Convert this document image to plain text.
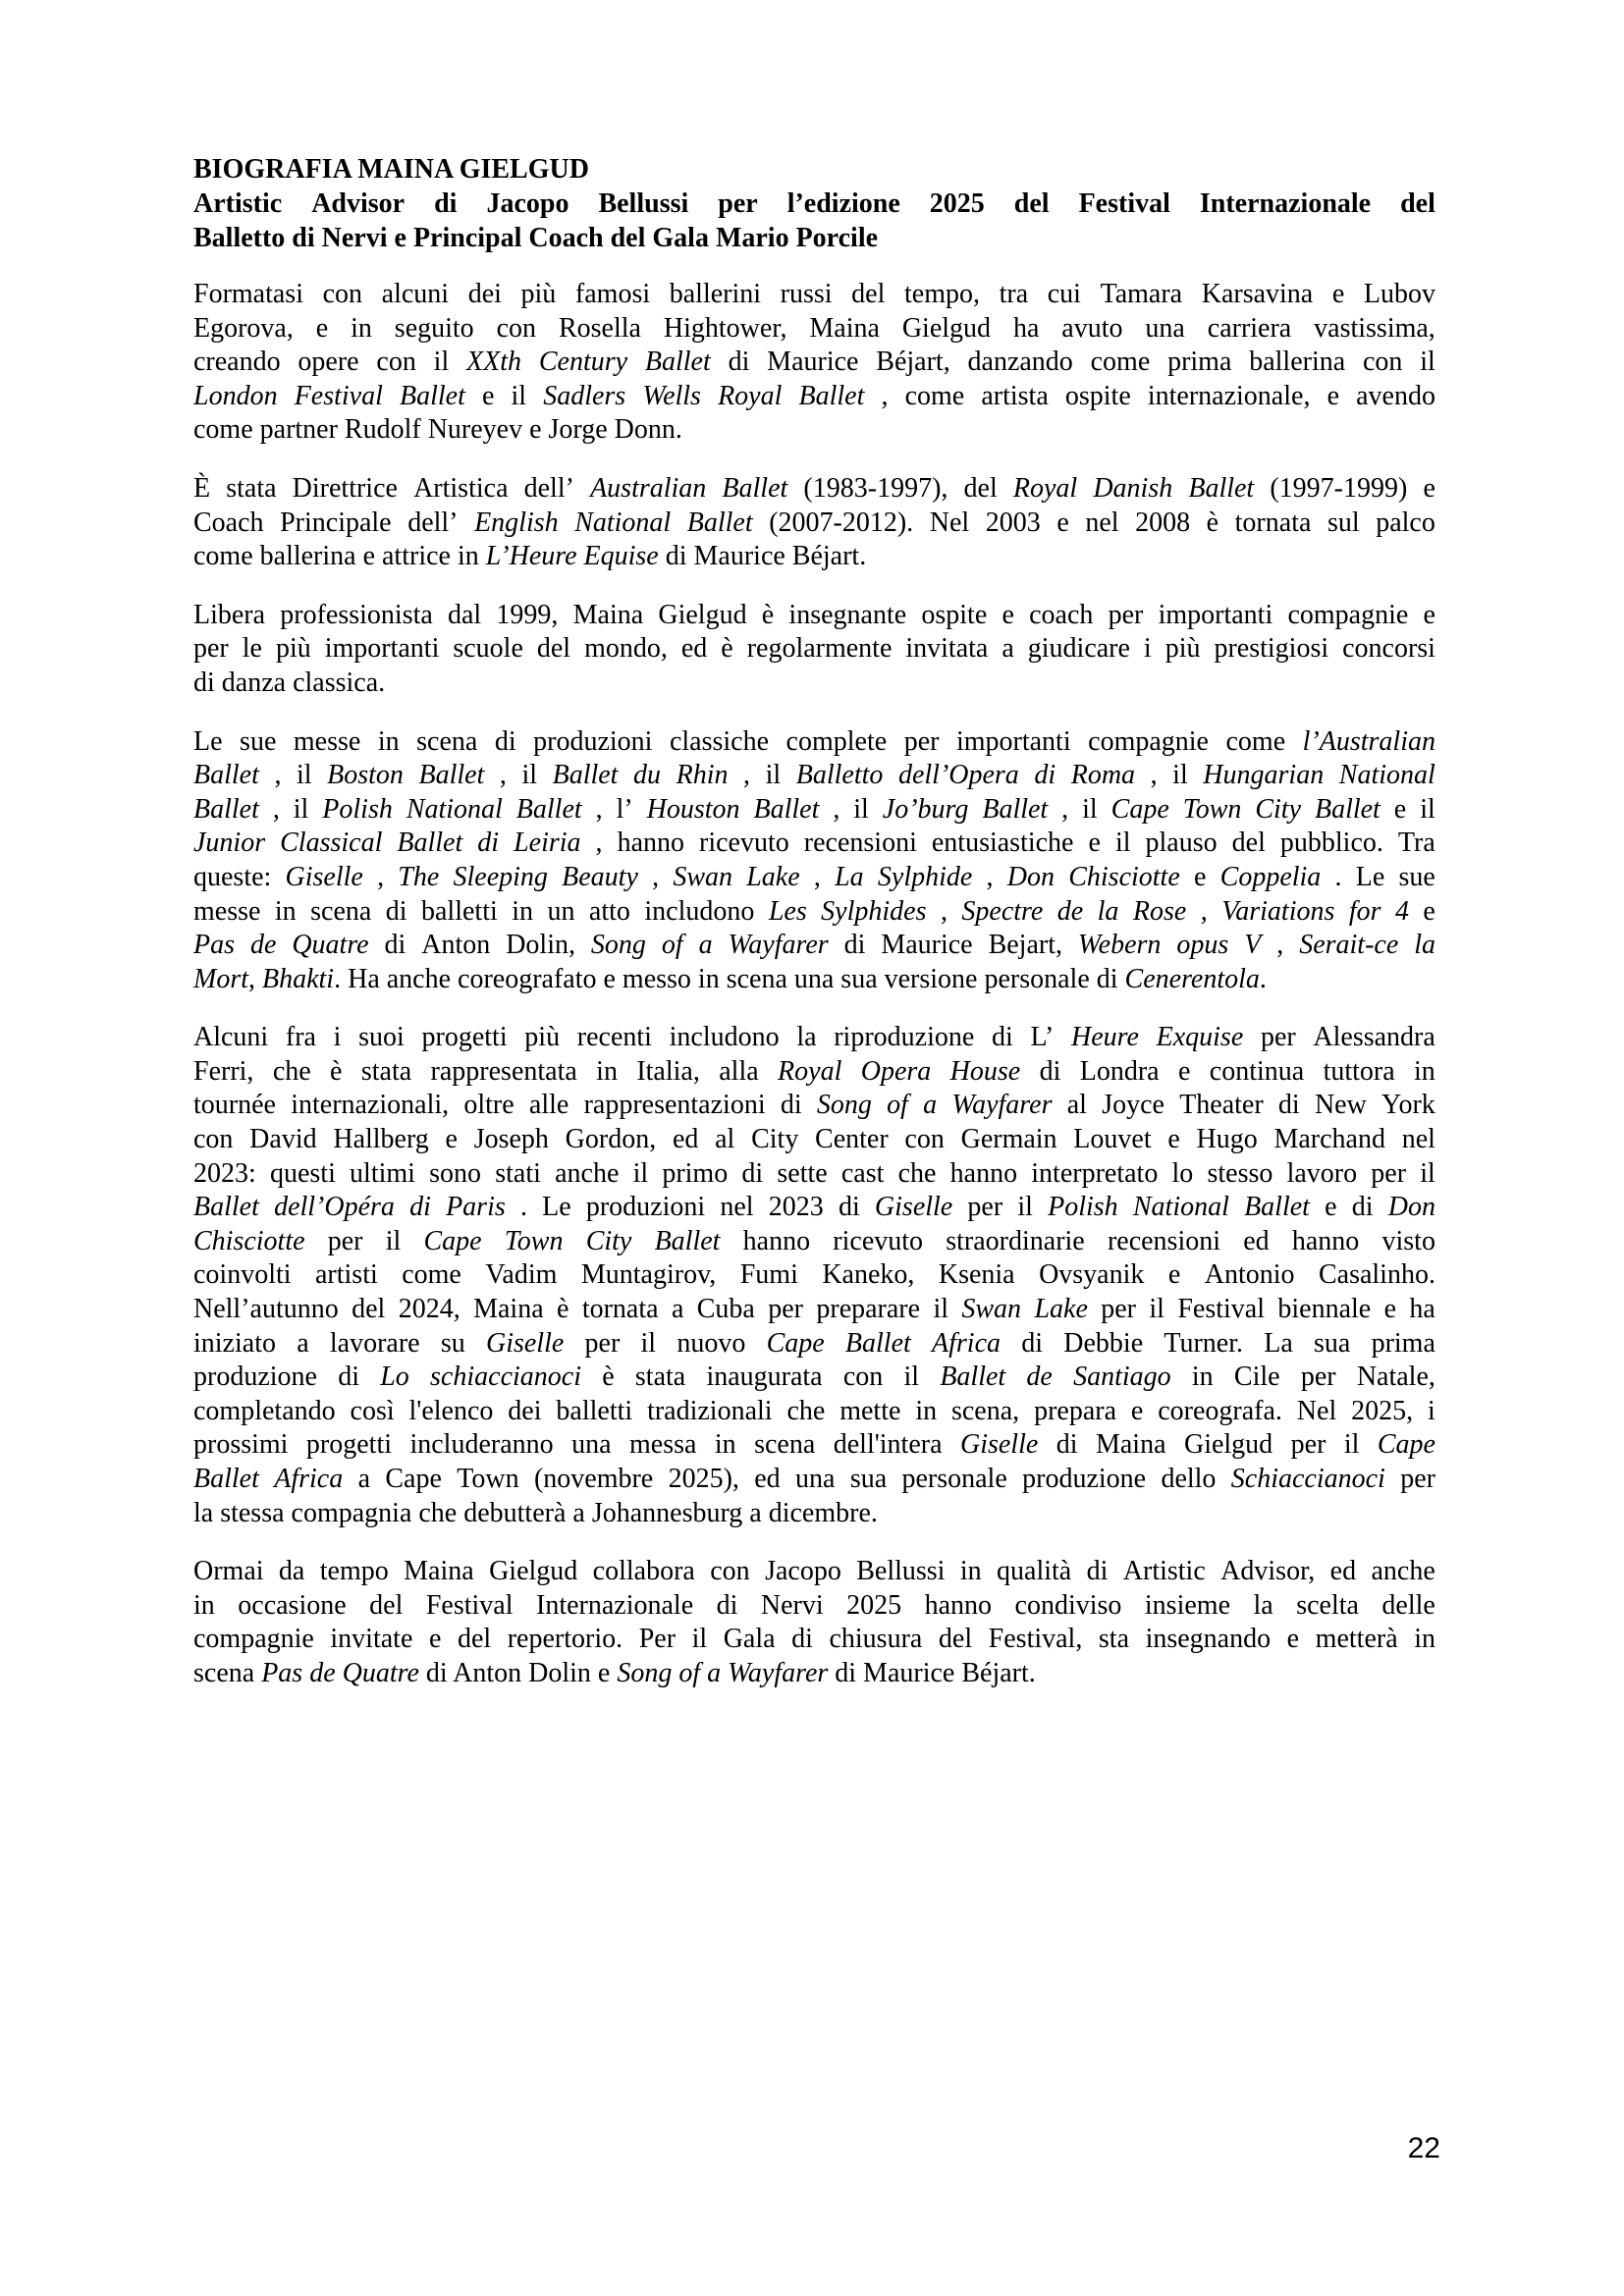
BIOGRAFIA MAINA GIELGUD
Artistic Advisor di Jacopo Bellussi per l’edizione 2025 del Festival Internazionale del
Balletto di Nervi e Principal Coach del Gala Mario Porcile
Formatasi con alcuni dei più famosi ballerini russi del tempo, tra cui Tamara Karsavina e Lubov
Egorova, e in seguito con Rosella Hightower, Maina Gielgud ha avuto una carriera vastissima,
creando opere con il XXth Century Ballet di Maurice Béjart, danzando come prima ballerina con il
London Festival Ballet e il Sadlers Wells Royal Ballet , come artista ospite internazionale, e avendo
come partner Rudolf Nureyev e Jorge Donn.
È stata Direttrice Artistica dell’ Australian Ballet (1983-1997), del Royal Danish Ballet (1997-1999) e
Coach Principale dell’ English National Ballet (2007-2012). Nel 2003 e nel 2008 è tornata sul palco
come ballerina e attrice in L’Heure Equise di Maurice Béjart.
Libera professionista dal 1999, Maina Gielgud è insegnante ospite e coach per importanti compagnie e
per le più importanti scuole del mondo, ed è regolarmente invitata a giudicare i più prestigiosi concorsi
di danza classica.
Le sue messe in scena di produzioni classiche complete per importanti compagnie come l’Australian
Ballet , il Boston Ballet , il Ballet du Rhin , il Balletto dell’Opera di Roma , il Hungarian National
Ballet , il Polish National Ballet , l’ Houston Ballet , il Jo’burg Ballet , il Cape Town City Ballet e il
Junior Classical Ballet di Leiria , hanno ricevuto recensioni entusiastiche e il plauso del pubblico. Tra
queste: Giselle , The Sleeping Beauty , Swan Lake , La Sylphide , Don Chisciotte e Coppelia . Le sue
messe in scena di balletti in un atto includono Les Sylphides , Spectre de la Rose , Variations for 4 e
Pas de Quatre di Anton Dolin, Song of a Wayfarer di Maurice Bejart, Webern opus V , Serait-ce la
Mort, Bhakti. Ha anche coreografato e messo in scena una sua versione personale di Cenerentola.
Alcuni fra i suoi progetti più recenti includono la riproduzione di L’ Heure Exquise per Alessandra
Ferri, che è stata rappresentata in Italia, alla Royal Opera House di Londra e continua tuttora in
tournée internazionali, oltre alle rappresentazioni di Song of a Wayfarer al Joyce Theater di New York
con David Hallberg e Joseph Gordon, ed al City Center con Germain Louvet e Hugo Marchand nel
2023: questi ultimi sono stati anche il primo di sette cast che hanno interpretato lo stesso lavoro per il
Ballet dell’Opéra di Paris . Le produzioni nel 2023 di Giselle per il Polish National Ballet e di Don
Chisciotte per il Cape Town City Ballet hanno ricevuto straordinarie recensioni ed hanno visto
coinvolti artisti come Vadim Muntagirov, Fumi Kaneko, Ksenia Ovsyanik e Antonio Casalinho.
Nell’autunno del 2024, Maina è tornata a Cuba per preparare il Swan Lake per il Festival biennale e ha
iniziato a lavorare su Giselle per il nuovo Cape Ballet Africa di Debbie Turner. La sua prima
produzione di Lo schiaccianoci è stata inaugurata con il Ballet de Santiago in Cile per Natale,
completando così l'elenco dei balletti tradizionali che mette in scena, prepara e coreografa. Nel 2025, i
prossimi progetti includeranno una messa in scena dell'intera Giselle di Maina Gielgud per il Cape
Ballet Africa a Cape Town (novembre 2025), ed una sua personale produzione dello Schiaccianoci per
la stessa compagnia che debutterà a Johannesburg a dicembre.
Ormai da tempo Maina Gielgud collabora con Jacopo Bellussi in qualità di Artistic Advisor, ed anche
in occasione del Festival Internazionale di Nervi 2025 hanno condiviso insieme la scelta delle
compagnie invitate e del repertorio. Per il Gala di chiusura del Festival, sta insegnando e metterà in
scena Pas de Quatre di Anton Dolin e Song of a Wayfarer di Maurice Béjart.
22
